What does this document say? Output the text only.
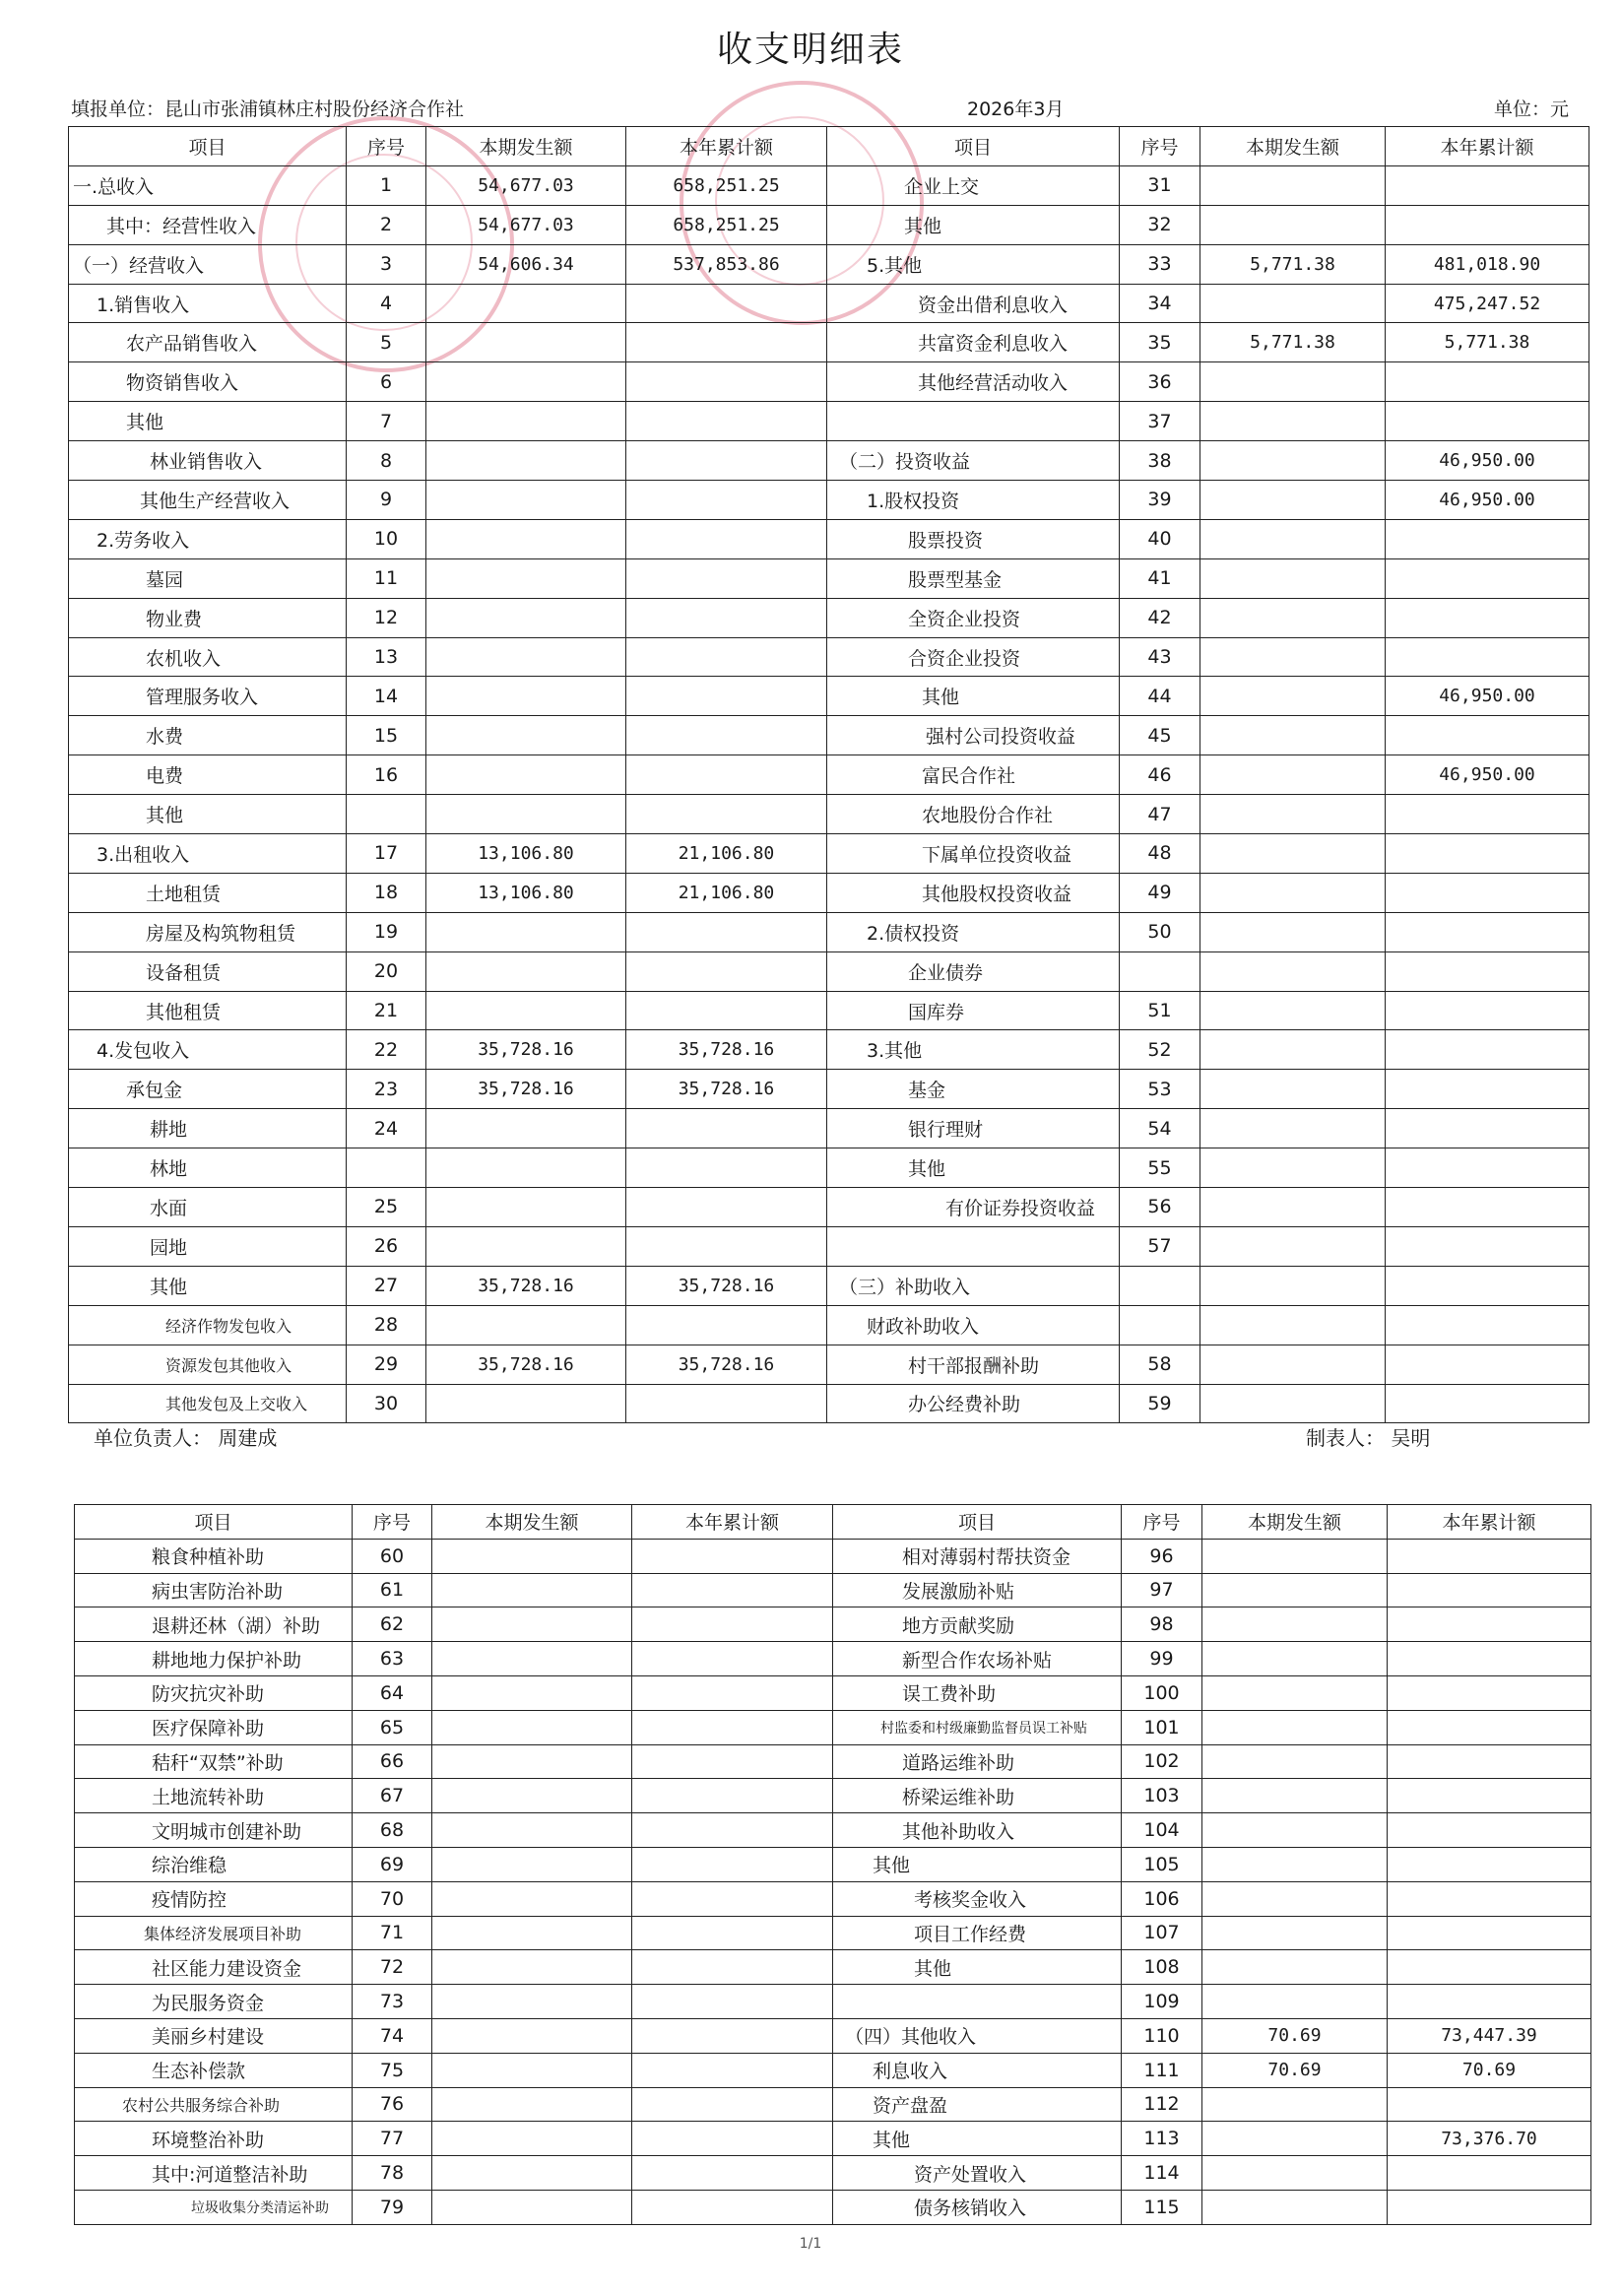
收支明细表
填报单位：昆山市张浦镇林庄村股份经济合作社	2026年3月	单位：元
项目	序号	本期发生额	本年累计额	项目	序号	本期发生额	本年累计额
一.总收入	1	54,677.03	658,251.25	企业上交	31		
其中：经营性收入	2	54,677.03	658,251.25	其他	32		
（一）经营收入	3	54,606.34	537,853.86	5.其他	33	5,771.38	481,018.90
1.销售收入	4			资金出借利息收入	34		475,247.52
农产品销售收入	5			共富资金利息收入	35	5,771.38	5,771.38
物资销售收入	6			其他经营活动收入	36		
其他	7				37		
林业销售收入	8			（二）投资收益	38		46,950.00
其他生产经营收入	9			1.股权投资	39		46,950.00
2.劳务收入	10			股票投资	40		
墓园	11			股票型基金	41		
物业费	12			全资企业投资	42		
农机收入	13			合资企业投资	43		
管理服务收入	14			其他	44		46,950.00
水费	15			强村公司投资收益	45		
电费	16			富民合作社	46		46,950.00
其他				农地股份合作社	47		
3.出租收入	17	13,106.80	21,106.80	下属单位投资收益	48		
土地租赁	18	13,106.80	21,106.80	其他股权投资收益	49		
房屋及构筑物租赁	19			2.债权投资	50		
设备租赁	20			企业债券			
其他租赁	21			国库券	51		
4.发包收入	22	35,728.16	35,728.16	3.其他	52		
承包金	23	35,728.16	35,728.16	基金	53		
耕地	24			银行理财	54		
林地				其他	55		
水面	25			有价证券投资收益	56		
园地	26				57		
其他	27	35,728.16	35,728.16	（三）补助收入			
经济作物发包收入	28			财政补助收入			
资源发包其他收入	29	35,728.16	35,728.16	村干部报酬补助	58		
其他发包及上交收入	30			办公经费补助	59		
单位负责人： 周建成	制表人： 吴明
项目	序号	本期发生额	本年累计额	项目	序号	本期发生额	本年累计额
粮食种植补助	60			相对薄弱村帮扶资金	96		
病虫害防治补助	61			发展激励补贴	97		
退耕还林（湖）补助	62			地方贡献奖励	98		
耕地地力保护补助	63			新型合作农场补贴	99		
防灾抗灾补助	64			误工费补助	100		
医疗保障补助	65			村监委和村级廉勤监督员误工补贴	101		
秸秆“双禁”补助	66			道路运维补助	102		
土地流转补助	67			桥梁运维补助	103		
文明城市创建补助	68			其他补助收入	104		
综治维稳	69			其他	105		
疫情防控	70			考核奖金收入	106		
集体经济发展项目补助	71			项目工作经费	107		
社区能力建设资金	72			其他	108		
为民服务资金	73				109		
美丽乡村建设	74			（四）其他收入	110	70.69	73,447.39
生态补偿款	75			利息收入	111	70.69	70.69
农村公共服务综合补助	76			资产盘盈	112		
环境整治补助	77			其他	113		73,376.70
其中:河道整洁补助	78			资产处置收入	114		
垃圾收集分类清运补助	79			债务核销收入	115		
1/1
